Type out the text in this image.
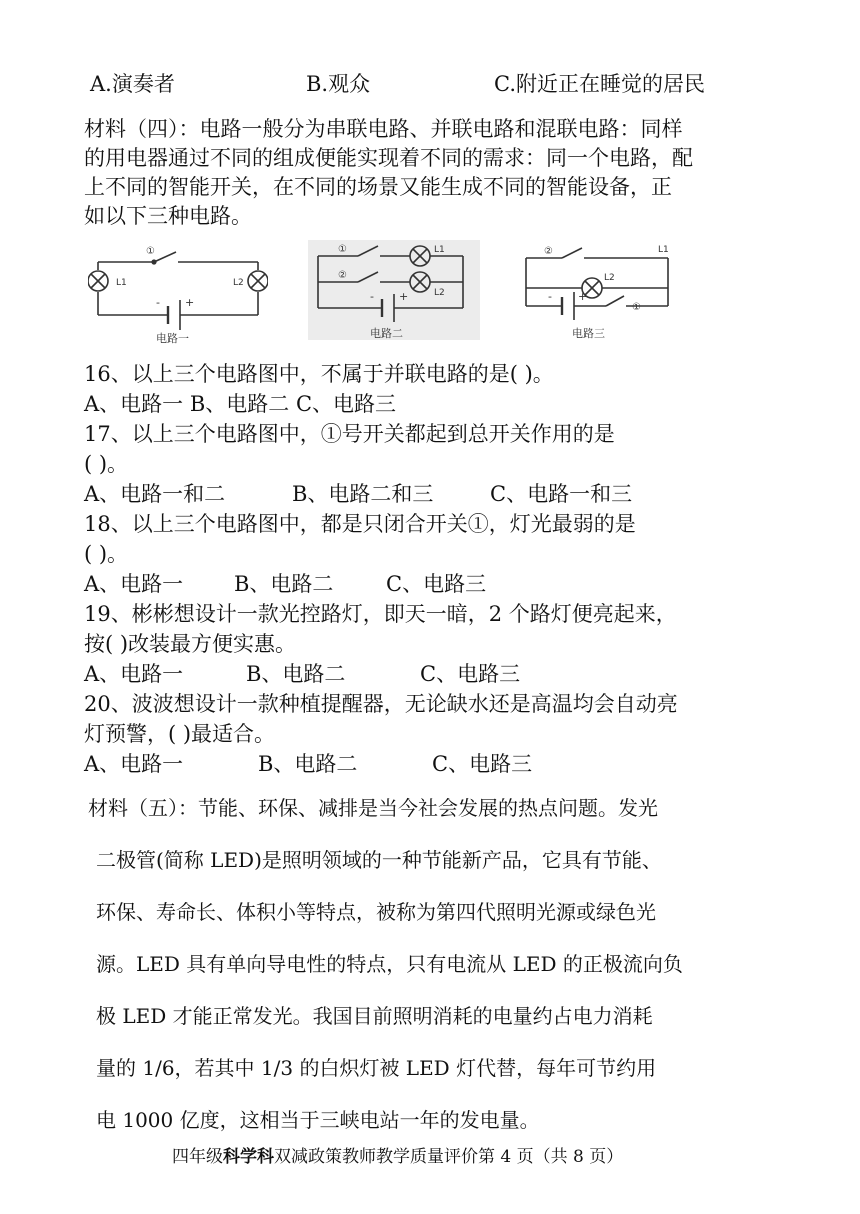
A.演奏者	B.观众	C.附近正在睡觉的居民
材料（四）：电路一般分为串联电路、并联电路和混联电路：同样
的用电器通过不同的组成便能实现着不同的需求：同一个电路，配
上不同的智能开关，在不同的场景又能生成不同的智能设备，正
如以下三种电路。
①
L1	L2
- +
电路一
①
②
L1
L2
- +
电路二
②
①
L1
L2
- +
电路三
16、以上三个电路图中，不属于并联电路的是( )。
A、电路一 B、电路二 C、电路三
17、以上三个电路图中，①号开关都起到总开关作用的是
( )。
A、电路一和二	B、电路二和三	C、电路一和三
18、以上三个电路图中，都是只闭合开关①，灯光最弱的是
( )。
A、电路一 B、电路二	C、电路三
19、彬彬想设计一款光控路灯，即天一暗，2 个路灯便亮起来，
按( )改装最方便实惠。
A、电路一	B、电路二	C、电路三
20、波波想设计一款种植提醒器，无论缺水还是高温均会自动亮
灯预警，( )最适合。
A、电路一	B、电路二	C、电路三

材料（五）：节能、环保、减排是当今社会发展的热点问题。发光

二极管(简称 LED)是照明领域的一种节能新产品，它具有节能、

环保、寿命长、体积小等特点，被称为第四代照明光源或绿色光

源。LED 具有单向导电性的特点，只有电流从 LED 的正极流向负

极 LED 才能正常发光。我国目前照明消耗的电量约占电力消耗

量的 1/6，若其中 1/3 的白炽灯被 LED 灯代替，每年可节约用

电 1000 亿度，这相当于三峡电站一年的发电量。

四年级科学科双减政策教师教学质量评价第 4 页（共 8 页）
